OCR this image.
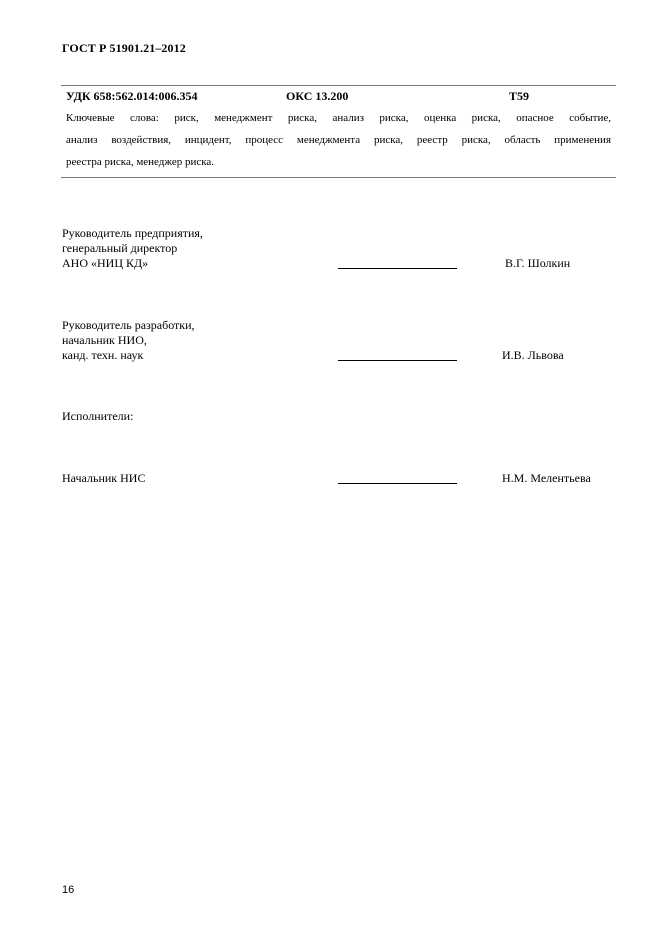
ГОСТ Р 51901.21–2012
УДК 658:562.014:006.354	ОКС 13.200	Т59
Ключевые слова: риск, менеджмент риска, анализ риска, оценка риска, опасное событие,
анализ воздействия, инцидент, процесс менеджмента риска, реестр риска, область применения
реестра риска, менеджер риска.
Руководитель предприятия,
генеральный директор
АНО «НИЦ КД»	В.Г. Шолкин
Руководитель разработки,
начальник НИО,
канд. техн. наук	И.В. Львова
Исполнители:
Начальник НИС	Н.М. Мелентьева
16
